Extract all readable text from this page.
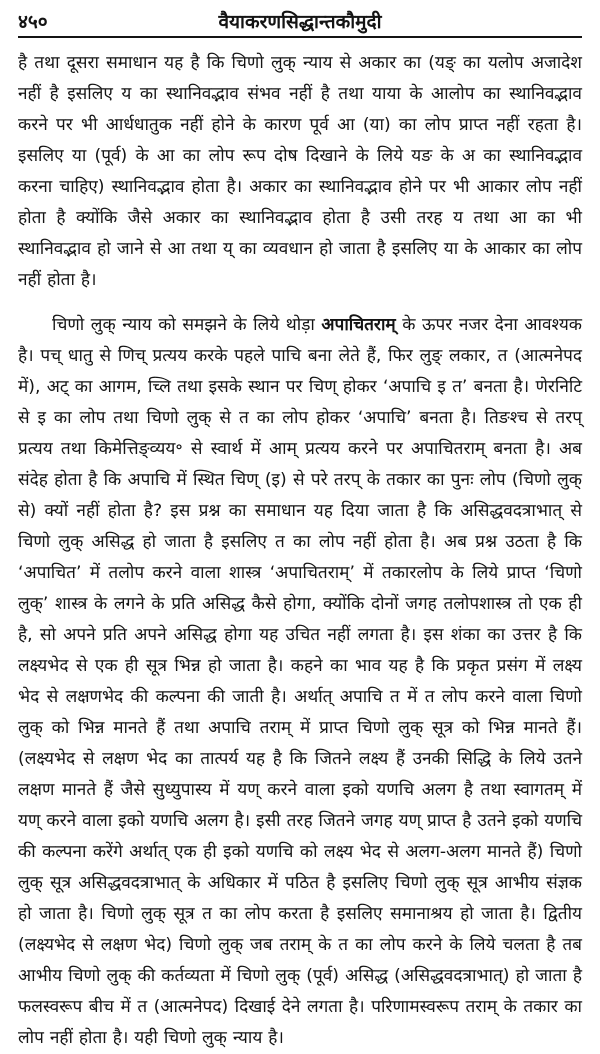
४५०	वैयाकरणसिद्धान्तकौमुदी

है तथा दूसरा समाधान यह है कि चिणो लुक् न्याय से अकार का (यङ् का यलोप अजादेश नहीं है इसलिए य का स्थानिवद्भाव संभव नहीं है तथा याया के आलोप का स्थानिवद्भाव करने पर भी आर्धधातुक नहीं होने के कारण पूर्व आ (या) का लोप प्राप्त नहीं रहता है। इसलिए या (पूर्व) के आ का लोप रूप दोष दिखाने के लिये यङ के अ का स्थानिवद्भाव करना चाहिए) स्थानिवद्भाव होता है। अकार का स्थानिवद्भाव होने पर भी आकार लोप नहीं होता है क्योंकि जैसे अकार का स्थानिवद्भाव होता है उसी तरह य तथा आ का भी स्थानिवद्भाव हो जाने से आ तथा य् का व्यवधान हो जाता है इसलिए या के आकार का लोप नहीं होता है।

चिणो लुक् न्याय को समझने के लिये थोड़ा अपाचितराम् के ऊपर नजर देना आवश्यक है। पच् धातु से णिच् प्रत्यय करके पहले पाचि बना लेते हैं, फिर लुङ् लकार, त (आत्मनेपद में), अट् का आगम, च्लि तथा इसके स्थान पर चिण् होकर ‘अपाचि इ त’ बनता है। णेरनिटि से इ का लोप तथा चिणो लुक् से त का लोप होकर ‘अपाचि’ बनता है। तिङश्च से तरप् प्रत्यय तथा किमेत्तिङ्व्यय॰ से स्वार्थ में आम् प्रत्यय करने पर अपाचितराम् बनता है। अब संदेह होता है कि अपाचि में स्थित चिण् (इ) से परे तरप् के तकार का पुनः लोप (चिणो लुक् से) क्यों नहीं होता है? इस प्रश्न का समाधान यह दिया जाता है कि असिद्धवदत्राभात् से चिणो लुक् असिद्ध हो जाता है इसलिए त का लोप नहीं होता है। अब प्रश्न उठता है कि ‘अपाचित’ में तलोप करने वाला शास्त्र ‘अपाचितराम्’ में तकारलोप के लिये प्राप्त ‘चिणो लुक्’ शास्त्र के लगने के प्रति असिद्ध कैसे होगा, क्योंकि दोनों जगह तलोपशास्त्र तो एक ही है, सो अपने प्रति अपने असिद्ध होगा यह उचित नहीं लगता है। इस शंका का उत्तर है कि लक्ष्यभेद से एक ही सूत्र भिन्न हो जाता है। कहने का भाव यह है कि प्रकृत प्रसंग में लक्ष्य भेद से लक्षणभेद की कल्पना की जाती है। अर्थात् अपाचि त में त लोप करने वाला चिणो लुक् को भिन्न मानते हैं तथा अपाचि तराम् में प्राप्त चिणो लुक् सूत्र को भिन्न मानते हैं। (लक्ष्यभेद से लक्षण भेद का तात्पर्य यह है कि जितने लक्ष्य हैं उनकी सिद्धि के लिये उतने लक्षण मानते हैं जैसे सुध्युपास्य में यण् करने वाला इको यणचि अलग है तथा स्वागतम् में यण् करने वाला इको यणचि अलग है। इसी तरह जितने जगह यण् प्राप्त है उतने इको यणचि की कल्पना करेंगे अर्थात् एक ही इको यणचि को लक्ष्य भेद से अलग-अलग मानते हैं) चिणो लुक् सूत्र असिद्धवदत्राभात् के अधिकार में पठित है इसलिए चिणो लुक् सूत्र आभीय संज्ञक हो जाता है। चिणो लुक् सूत्र त का लोप करता है इसलिए समानाश्रय हो जाता है। द्वितीय (लक्ष्यभेद से लक्षण भेद) चिणो लुक् जब तराम् के त का लोप करने के लिये चलता है तब आभीय चिणो लुक् की कर्तव्यता में चिणो लुक् (पूर्व) असिद्ध (असिद्धवदत्राभात्) हो जाता है फलस्वरूप बीच में त (आत्मनेपद) दिखाई देने लगता है। परिणामस्वरूप तराम् के तकार का लोप नहीं होता है। यही चिणो लुक् न्याय है।
